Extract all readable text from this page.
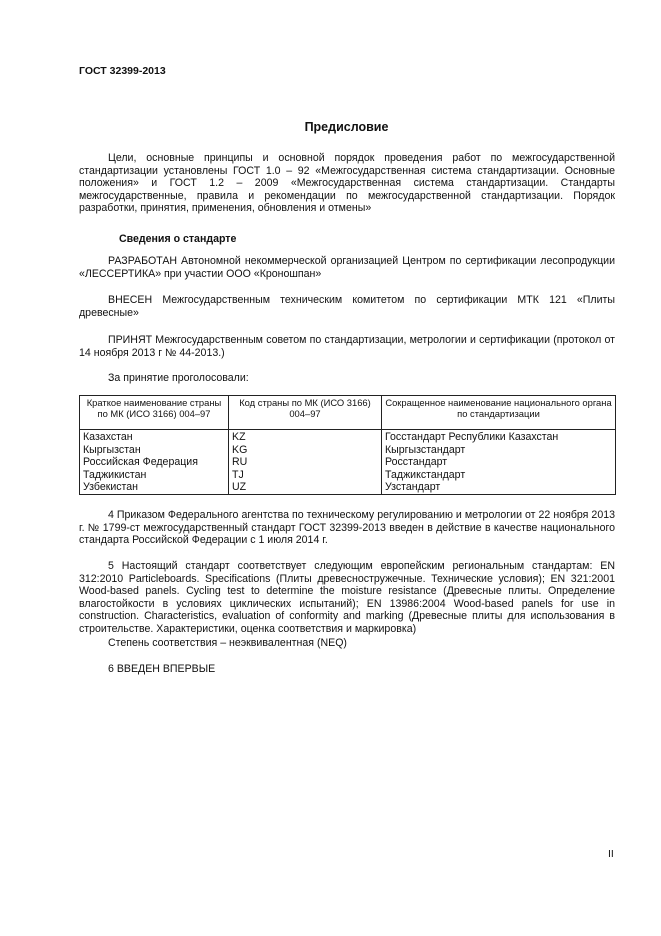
ГОСТ 32399-2013
Предисловие
Цели, основные принципы и основной порядок проведения работ по межгосударственной стандартизации установлены ГОСТ 1.0 – 92 «Межгосударственная система стандартизации. Основные положения» и ГОСТ 1.2 – 2009 «Межгосударственная система стандартизации. Стандарты межгосударственные, правила и рекомендации по межгосударственной стандартизации. Порядок разработки, принятия, применения, обновления и отмены»
Сведения о стандарте
РАЗРАБОТАН Автономной некоммерческой организацией Центром по сертификации лесопродукции «ЛЕССЕРТИКА» при участии ООО «Кроношпан»
ВНЕСЕН Межгосударственным техническим комитетом по сертификации МТК 121 «Плиты древесные»
ПРИНЯТ Межгосударственным советом по стандартизации, метрологии и сертификации (протокол от 14 ноября 2013 г № 44-2013.)
За принятие проголосовали:
Краткое наименование страны по МК (ИСО 3166) 004–97	Код страны по МК (ИСО 3166) 004–97	Сокращенное наименование национального органа по стандартизации
Казахстан	KZ	Госстандарт Республики Казахстан
Кыргызстан	KG	Кыргызстандарт
Российская Федерация	RU	Росстандарт
Таджикистан	TJ	Таджикстандарт
Узбекистан	UZ	Узстандарт
4 Приказом Федерального агентства по техническому регулированию и метрологии от 22 ноября 2013 г. № 1799-ст межгосударственный стандарт ГОСТ 32399-2013 введен в действие в качестве национального стандарта Российской Федерации с 1 июля 2014 г.
5 Настоящий стандарт соответствует следующим европейским региональным стандартам: EN 312:2010 Particleboards. Specifications (Плиты древесностружечные. Технические условия); EN 321:2001 Wood-based panels. Cycling test to determine the moisture resistance (Древесные плиты. Определение влагостойкости в условиях циклических испытаний); EN 13986:2004 Wood-based panels for use in construction. Characteristics, evaluation of conformity and marking (Древесные плиты для использования в строительстве. Характеристики, оценка соответствия и маркировка)
Степень соответствия – неэквивалентная (NEQ)
6 ВВЕДЕН ВПЕРВЫЕ
II
